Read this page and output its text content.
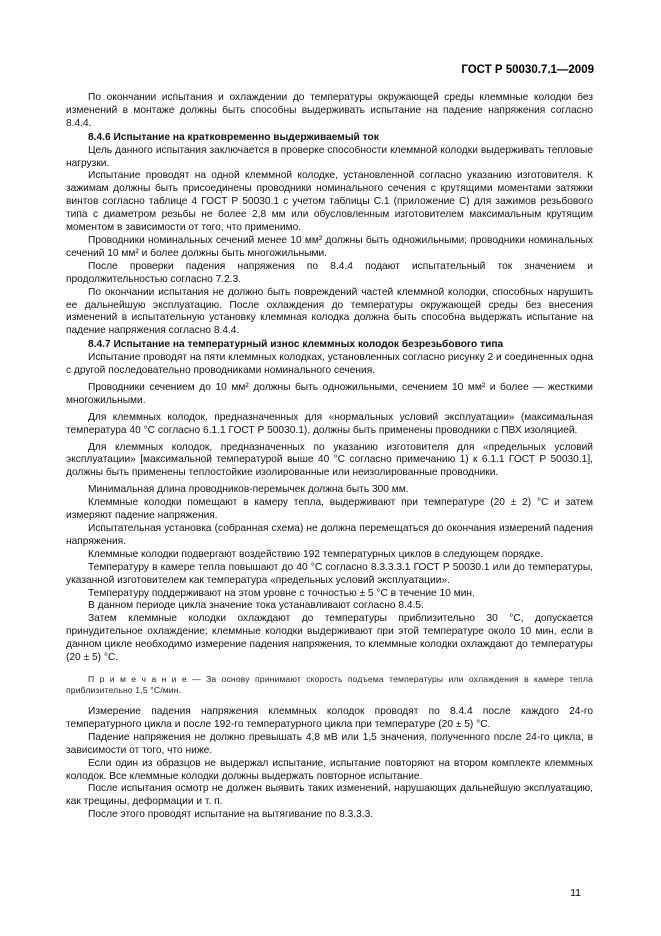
ГОСТ Р 50030.7.1—2009

По окончании испытания и охлаждении до температуры окружающей среды клеммные колодки без изменений в монтаже должны быть способны выдерживать испытание на падение напряжения согласно 8.4.4.

8.4.6 Испытание на кратковременно выдерживаемый ток

Цель данного испытания заключается в проверке способности клеммной колодки выдерживать тепловые нагрузки.

Испытание проводят на одной клеммной колодке, установленной согласно указанию изготовителя. К зажимам должны быть присоединены проводники номинального сечения с крутящими моментами затяжки винтов согласно таблице 4 ГОСТ Р 50030.1 с учетом таблицы С.1 (приложение С) для зажимов резьбового типа с диаметром резьбы не более 2,8 мм или обусловленным изготовителем максимальным крутящим моментом в зависимости от того, что применимо.

Проводники номинальных сечений менее 10 мм² должны быть одножильными; проводники номинальных сечений 10 мм² и более должны быть многожильными.

После проверки падения напряжения по 8.4.4 подают испытательный ток значением и продолжительностью согласно 7.2.3.

По окончании испытания не должно быть повреждений частей клеммной колодки, способных нарушить ее дальнейшую эксплуатацию. После охлаждения до температуры окружающей среды без внесения изменений в испытательную установку клеммная колодка должна быть способна выдержать испытание на падение напряжения согласно 8.4.4.

8.4.7 Испытание на температурный износ клеммных колодок безрезьбового типа

Испытание проводят на пяти клеммных колодках, установленных согласно рисунку 2 и соединенных одна с другой последовательно проводниками номинального сечения.

Проводники сечением до 10 мм² должны быть одножильными, сечением 10 мм² и более — жесткими многожильными.

Для клеммных колодок, предназначенных для «нормальных условий эксплуатации» (максимальная температура 40 °С согласно 6.1.1 ГОСТ Р 50030.1), должны быть применены проводники с ПВХ изоляцией.

Для клеммных колодок, предназначенных по указанию изготовителя для «предельных условий эксплуатации» [максимальной температурой выше 40 °С согласно примечанию 1) к 6.1.1 ГОСТ Р 50030.1], должны быть применены теплостойкие изолированные или неизолированные проводники.

Минимальная длина проводников-перемычек должна быть 300 мм.

Клеммные колодки помещают в камеру тепла, выдерживают при температуре (20 ± 2) °С и затем измеряют падение напряжения.

Испытательная установка (собранная схема) не должна перемещаться до окончания измерений падения напряжения.

Клеммные колодки подвергают воздействию 192 температурных циклов в следующем порядке.

Температуру в камере тепла повышают до 40 °С согласно 8.3.3.3.1 ГОСТ Р 50030.1 или до температуры, указанной изготовителем как температура «предельных условий эксплуатации».

Температуру поддерживают на этом уровне с точностью ± 5 °С в течение 10 мин.

В данном периоде цикла значение тока устанавливают согласно 8.4.5.

Затем клеммные колодки охлаждают до температуры приблизительно 30 °С, допускается принудительное охлаждение; клеммные колодки выдерживают при этой температуре около 10 мин, если в данном цикле необходимо измерение падения напряжения, то клеммные колодки охлаждают до температуры (20 ± 5) °С.

П р и м е ч а н и е — За основу принимают скорость подъема температуры или охлаждения в камере тепла приблизительно 1,5 °С/мин.

Измерение падения напряжения клеммных колодок проводят по 8.4.4 после каждого 24-го температурного цикла и после 192-го температурного цикла при температуре (20 ± 5) °С.

Падение напряжения не должно превышать 4,8 мВ или 1,5 значения, полученного после 24-го цикла, в зависимости от того, что ниже.

Если один из образцов не выдержал испытание, испытание повторяют на втором комплекте клеммных колодок. Все клеммные колодки должны выдержать повторное испытание.

После испытания осмотр не должен выявить таких изменений, нарушающих дальнейшую эксплуатацию, как трещины, деформации и т. п.

После этого проводят испытание на вытягивание по 8.3.3.3.

11
